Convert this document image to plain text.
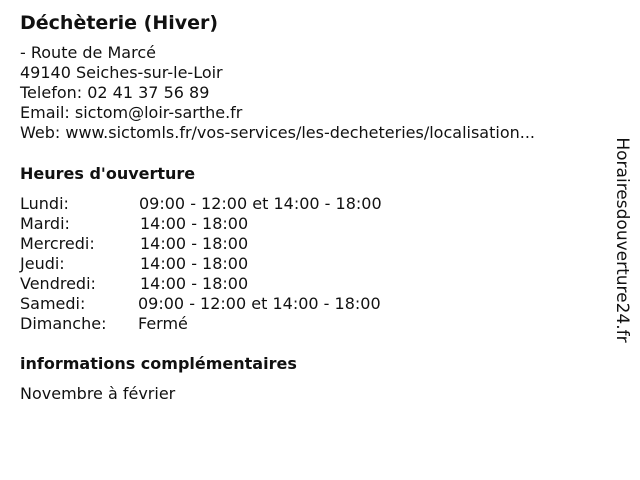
Déchèterie (Hiver)
- Route de Marcé
49140 Seiches-sur-le-Loir
Telefon: 02 41 37 56 89
Email: sictom@loir-sarthe.fr
Web: www.sictomls.fr/vos-services/les-decheteries/localisation...
Heures d'ouverture
Lundi:	09:00 - 12:00 et 14:00 - 18:00
Mardi:	14:00 - 18:00
Mercredi:	14:00 - 18:00
Jeudi:	14:00 - 18:00
Vendredi:	14:00 - 18:00
Samedi:	09:00 - 12:00 et 14:00 - 18:00
Dimanche: Fermé
informations complémentaires
Novembre à février
Horairesdouverture24.fr
